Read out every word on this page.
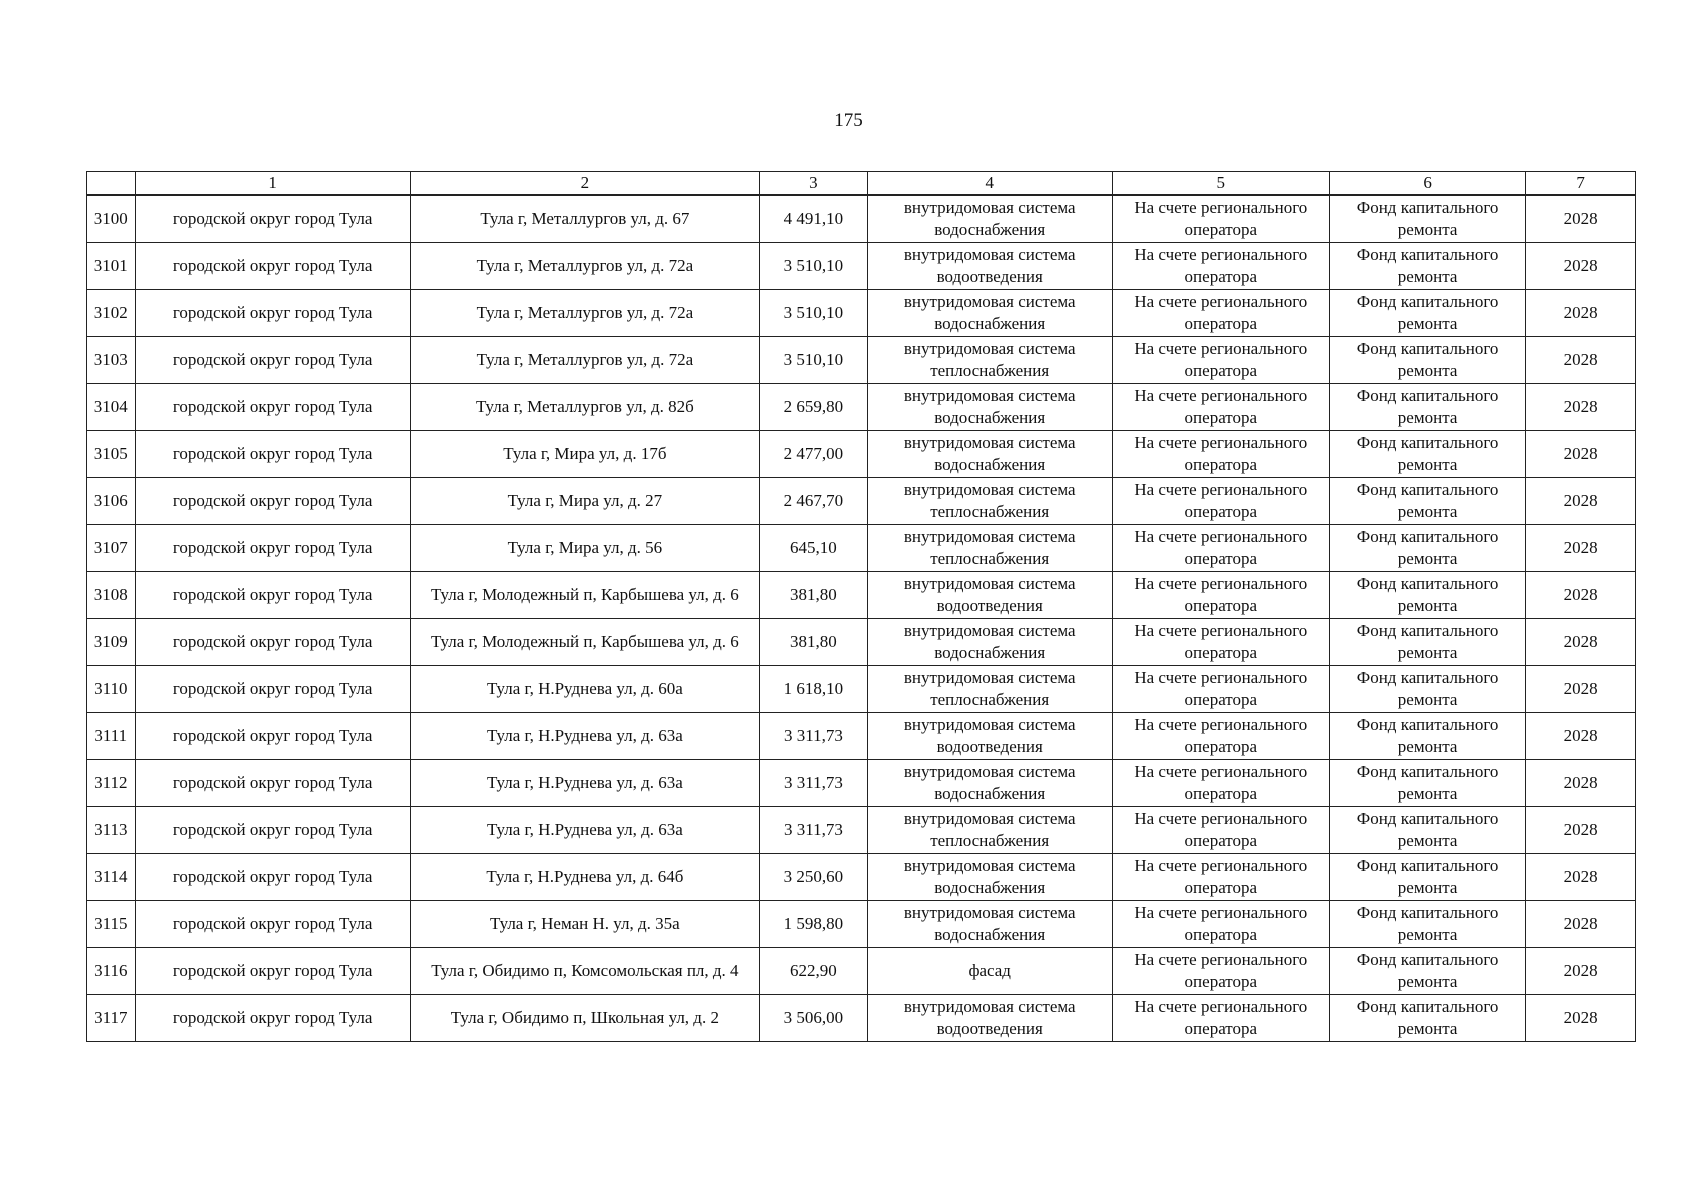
175
	1	2	3	4	5	6	7
3100	городской округ город Тула	Тула г, Металлургов ул, д. 67	4 491,10	внутридомовая система водоснабжения	На счете регионального оператора	Фонд капитального ремонта	2028
3101	городской округ город Тула	Тула г, Металлургов ул, д. 72а	3 510,10	внутридомовая система водоотведения	На счете регионального оператора	Фонд капитального ремонта	2028
3102	городской округ город Тула	Тула г, Металлургов ул, д. 72а	3 510,10	внутридомовая система водоснабжения	На счете регионального оператора	Фонд капитального ремонта	2028
3103	городской округ город Тула	Тула г, Металлургов ул, д. 72а	3 510,10	внутридомовая система теплоснабжения	На счете регионального оператора	Фонд капитального ремонта	2028
3104	городской округ город Тула	Тула г, Металлургов ул, д. 82б	2 659,80	внутридомовая система водоснабжения	На счете регионального оператора	Фонд капитального ремонта	2028
3105	городской округ город Тула	Тула г, Мира ул, д. 17б	2 477,00	внутридомовая система водоснабжения	На счете регионального оператора	Фонд капитального ремонта	2028
3106	городской округ город Тула	Тула г, Мира ул, д. 27	2 467,70	внутридомовая система теплоснабжения	На счете регионального оператора	Фонд капитального ремонта	2028
3107	городской округ город Тула	Тула г, Мира ул, д. 56	645,10	внутридомовая система теплоснабжения	На счете регионального оператора	Фонд капитального ремонта	2028
3108	городской округ город Тула	Тула г, Молодежный п, Карбышева ул, д. 6	381,80	внутридомовая система водоотведения	На счете регионального оператора	Фонд капитального ремонта	2028
3109	городской округ город Тула	Тула г, Молодежный п, Карбышева ул, д. 6	381,80	внутридомовая система водоснабжения	На счете регионального оператора	Фонд капитального ремонта	2028
3110	городской округ город Тула	Тула г, Н.Руднева ул, д. 60а	1 618,10	внутридомовая система теплоснабжения	На счете регионального оператора	Фонд капитального ремонта	2028
3111	городской округ город Тула	Тула г, Н.Руднева ул, д. 63а	3 311,73	внутридомовая система водоотведения	На счете регионального оператора	Фонд капитального ремонта	2028
3112	городской округ город Тула	Тула г, Н.Руднева ул, д. 63а	3 311,73	внутридомовая система водоснабжения	На счете регионального оператора	Фонд капитального ремонта	2028
3113	городской округ город Тула	Тула г, Н.Руднева ул, д. 63а	3 311,73	внутридомовая система теплоснабжения	На счете регионального оператора	Фонд капитального ремонта	2028
3114	городской округ город Тула	Тула г, Н.Руднева ул, д. 64б	3 250,60	внутридомовая система водоснабжения	На счете регионального оператора	Фонд капитального ремонта	2028
3115	городской округ город Тула	Тула г, Неман Н. ул, д. 35а	1 598,80	внутридомовая система водоснабжения	На счете регионального оператора	Фонд капитального ремонта	2028
3116	городской округ город Тула	Тула г, Обидимо п, Комсомольская пл, д. 4	622,90	фасад	На счете регионального оператора	Фонд капитального ремонта	2028
3117	городской округ город Тула	Тула г, Обидимо п, Школьная ул, д. 2	3 506,00	внутридомовая система водоотведения	На счете регионального оператора	Фонд капитального ремонта	2028
